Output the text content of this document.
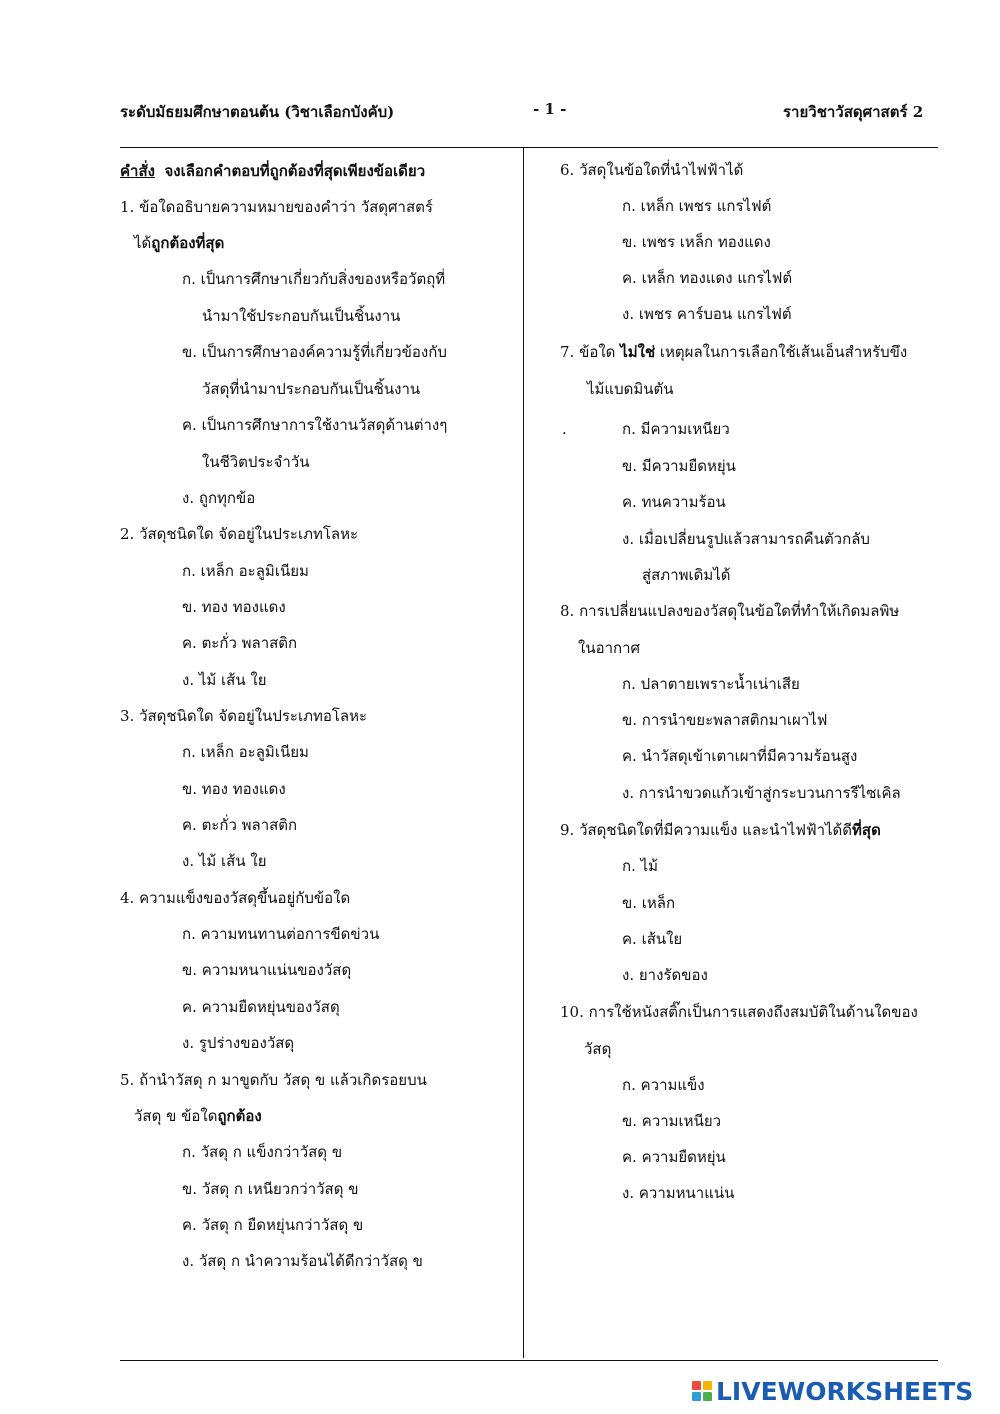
ระดับมัธยมศึกษาตอนต้น (วิชาเลือกบังคับ)	- 1 -	รายวิชาวัสดุศาสตร์ 2
คำสั่ง จงเลือกคำตอบที่ถูกต้องที่สุดเพียงข้อเดียว
1. ข้อใดอธิบายความหมายของคำว่า วัสดุศาสตร์
ได้ถูกต้องที่สุด
ก. เป็นการศึกษาเกี่ยวกับสิ่งของหรือวัตถุที่
นำมาใช้ประกอบกันเป็นชิ้นงาน
ข. เป็นการศึกษาองค์ความรู้ที่เกี่ยวข้องกับ
วัสดุที่นำมาประกอบกันเป็นชิ้นงาน
ค. เป็นการศึกษาการใช้งานวัสดุด้านต่างๆ
ในชีวิตประจำวัน
ง. ถูกทุกข้อ
2. วัสดุชนิดใด จัดอยู่ในประเภทโลหะ
ก. เหล็ก อะลูมิเนียม
ข. ทอง ทองแดง
ค. ตะกั่ว พลาสติก
ง. ไม้ เส้น ใย
3. วัสดุชนิดใด จัดอยู่ในประเภทอโลหะ
ก. เหล็ก อะลูมิเนียม
ข. ทอง ทองแดง
ค. ตะกั่ว พลาสติก
ง. ไม้ เส้น ใย
4. ความแข็งของวัสดุขึ้นอยู่กับข้อใด
ก. ความทนทานต่อการขีดข่วน
ข. ความหนาแน่นของวัสดุ
ค. ความยืดหยุ่นของวัสดุ
ง. รูปร่างของวัสดุ
5. ถ้านำวัสดุ ก มาขูดกับ วัสดุ ข แล้วเกิดรอยบน
วัสดุ ข ข้อใดถูกต้อง
ก. วัสดุ ก แข็งกว่าวัสดุ ข
ข. วัสดุ ก เหนียวกว่าวัสดุ ข
ค. วัสดุ ก ยืดหยุ่นกว่าวัสดุ ข
ง. วัสดุ ก นำความร้อนได้ดีกว่าวัสดุ ข
6. วัสดุในข้อใดที่นำไฟฟ้าได้
ก. เหล็ก เพชร แกรไฟต์
ข. เพชร เหล็ก ทองแดง
ค. เหล็ก ทองแดง แกรไฟต์
ง. เพชร คาร์บอน แกรไฟต์
7. ข้อใด ไม่ใช่ เหตุผลในการเลือกใช้เส้นเอ็นสำหรับขึง
ไม้แบดมินตัน
.	ก. มีความเหนียว
ข. มีความยืดหยุ่น
ค. ทนความร้อน
ง. เมื่อเปลี่ยนรูปแล้วสามารถคืนตัวกลับ
สู่สภาพเดิมได้
8. การเปลี่ยนแปลงของวัสดุในข้อใดที่ทำให้เกิดมลพิษ
ในอากาศ
ก. ปลาตายเพราะน้ำเน่าเสีย
ข. การนำขยะพลาสติกมาเผาไฟ
ค. นำวัสดุเข้าเตาเผาที่มีความร้อนสูง
ง. การนำขวดแก้วเข้าสู่กระบวนการรีไซเคิล
9. วัสดุชนิดใดที่มีความแข็ง และนำไฟฟ้าได้ดีที่สุด
ก. ไม้
ข. เหล็ก
ค. เส้นใย
ง. ยางรัดของ
10. การใช้หนังสติ๊กเป็นการแสดงถึงสมบัติในด้านใดของ
วัสดุ
ก. ความแข็ง
ข. ความเหนียว
ค. ความยืดหยุ่น
ง. ความหนาแน่น
LIVEWORKSHEETS
